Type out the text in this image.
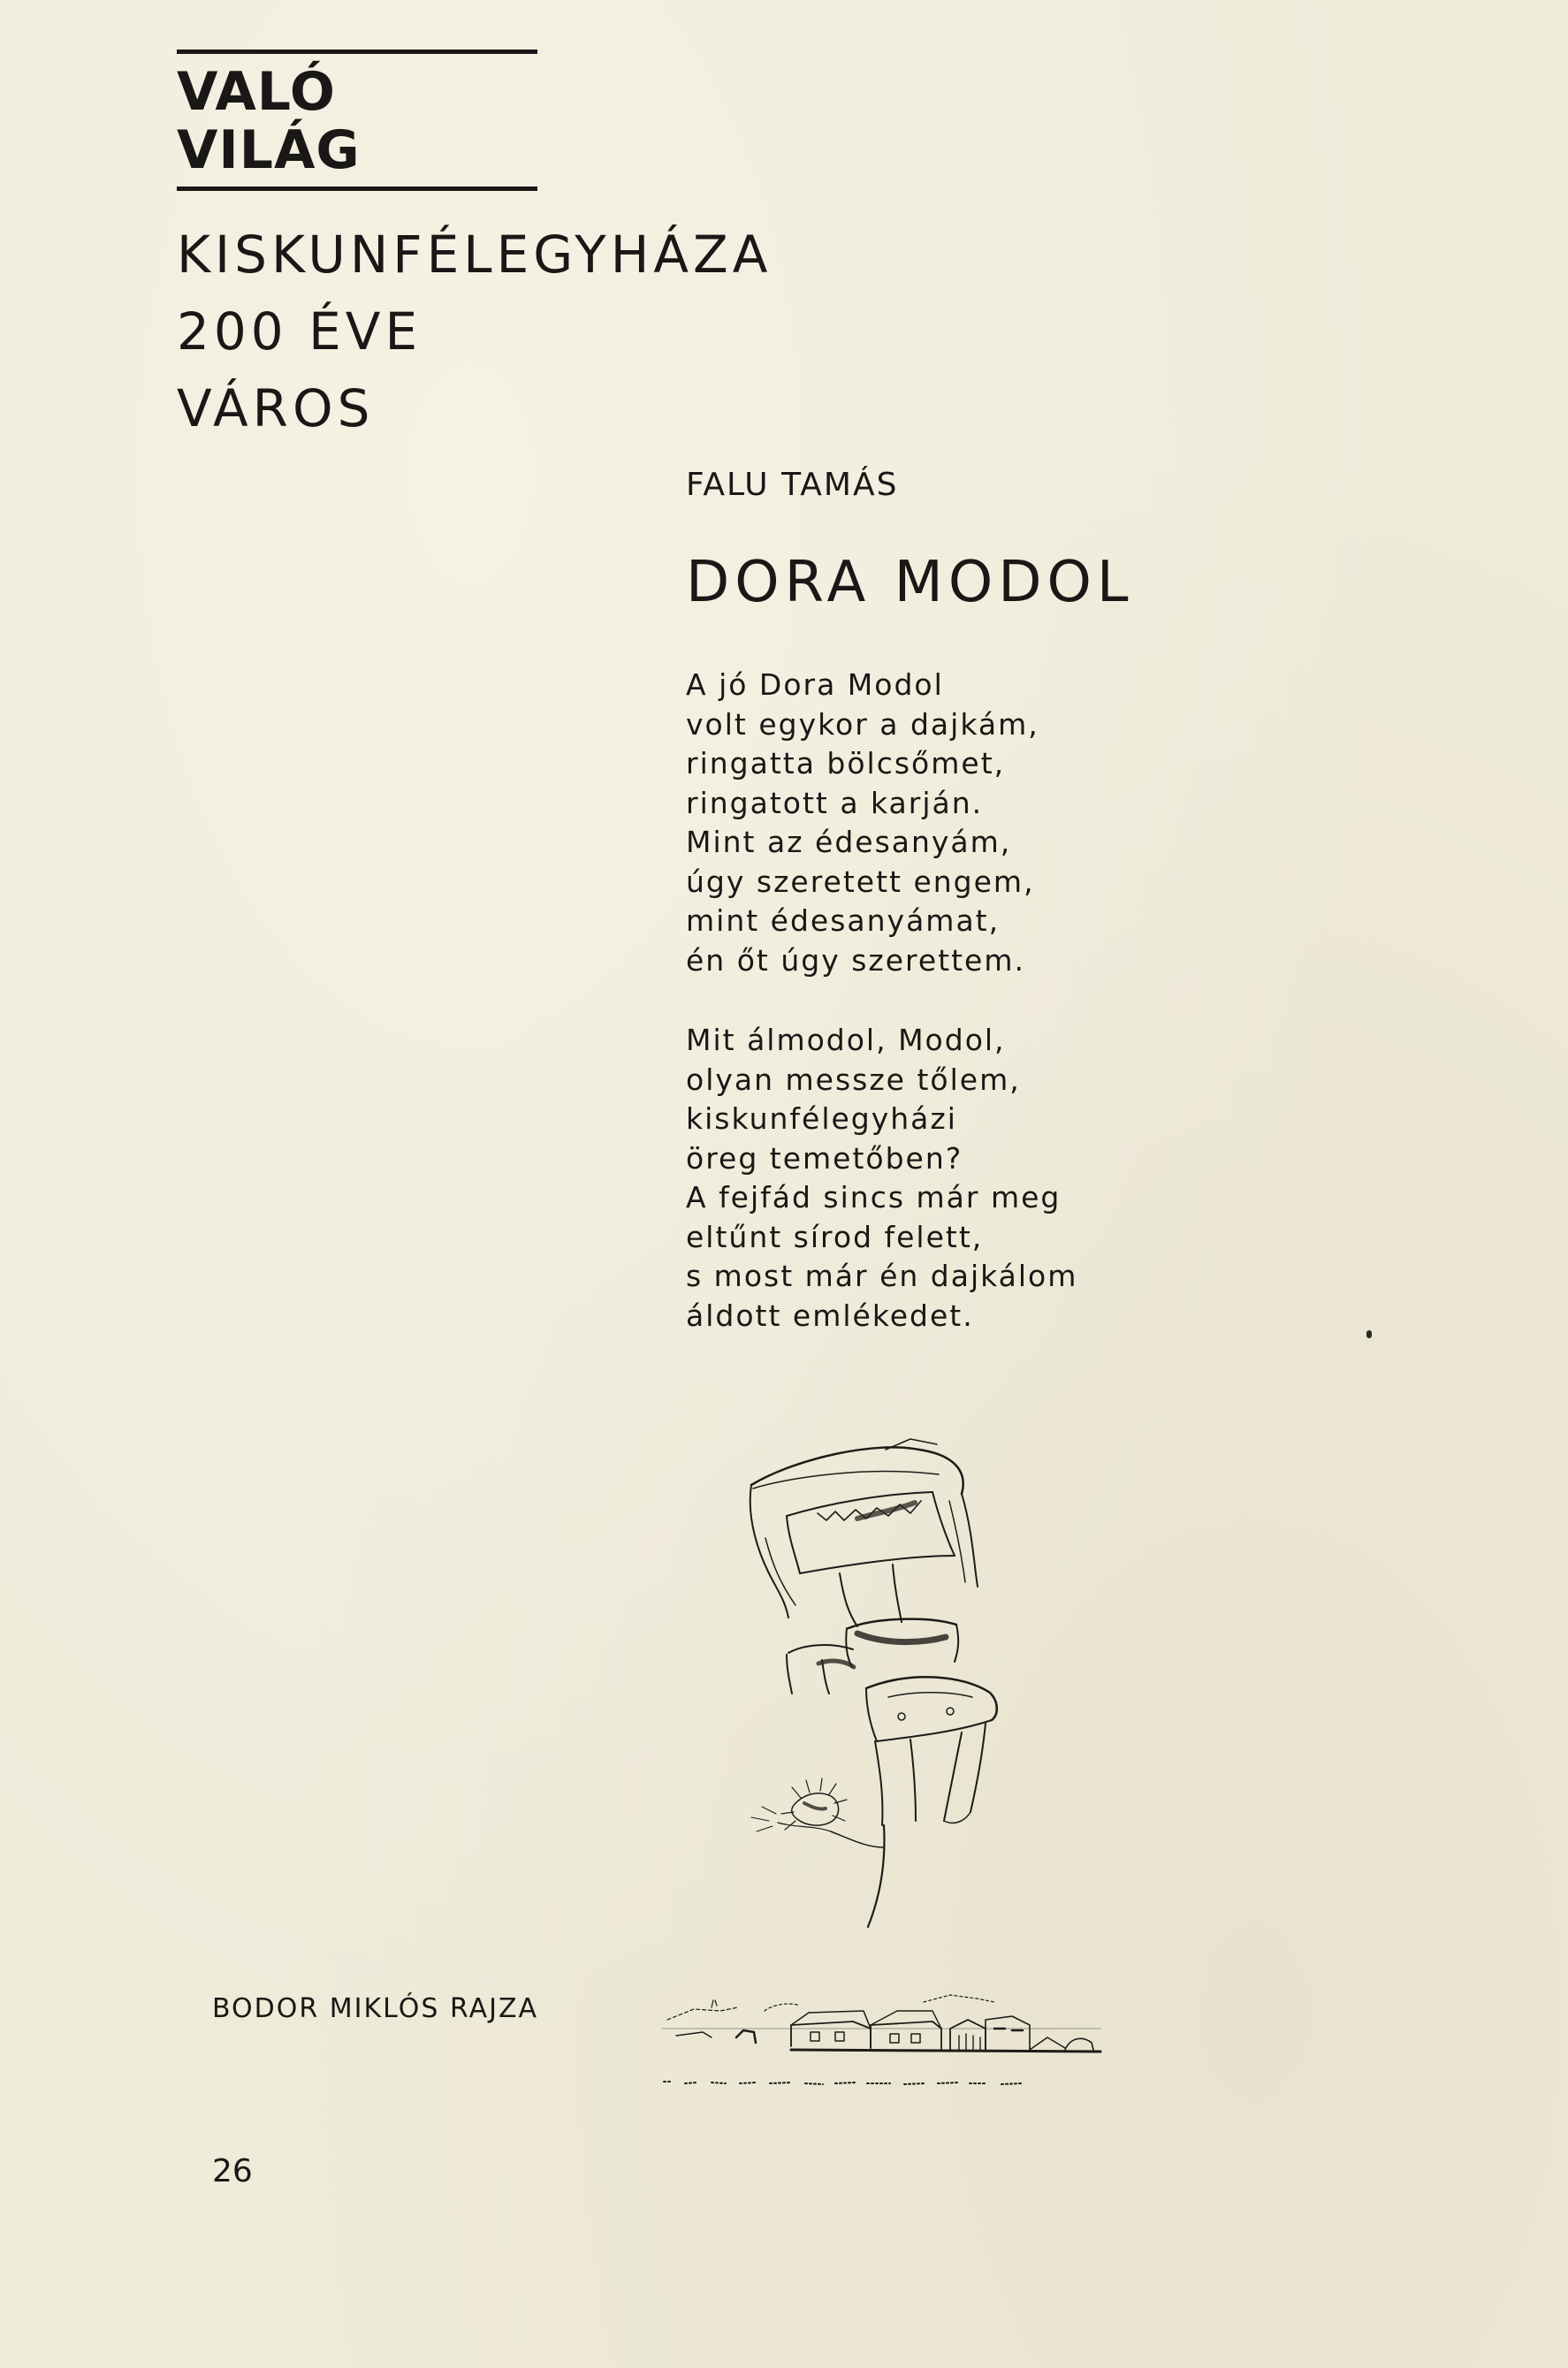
VALÓ VILÁG
KISKUNFÉLEGYHÁZA
200 ÉVE
VÁROS
FALU TAMÁS
DORA MODOL
A jó Dora Modol
volt egykor a dajkám,
ringatta bölcsőmet,
ringatott a karján.
Mint az édesanyám,
úgy szeretett engem,
mint édesanyámat,
én őt úgy szerettem.
Mit álmodol, Modol,
olyan messze tőlem,
kiskunfélegyházi
öreg temetőben?
A fejfád sincs már meg
eltűnt sírod felett,
s most már én dajkálom
áldott emlékedet.
BODOR MIKLÓS RAJZA
26
